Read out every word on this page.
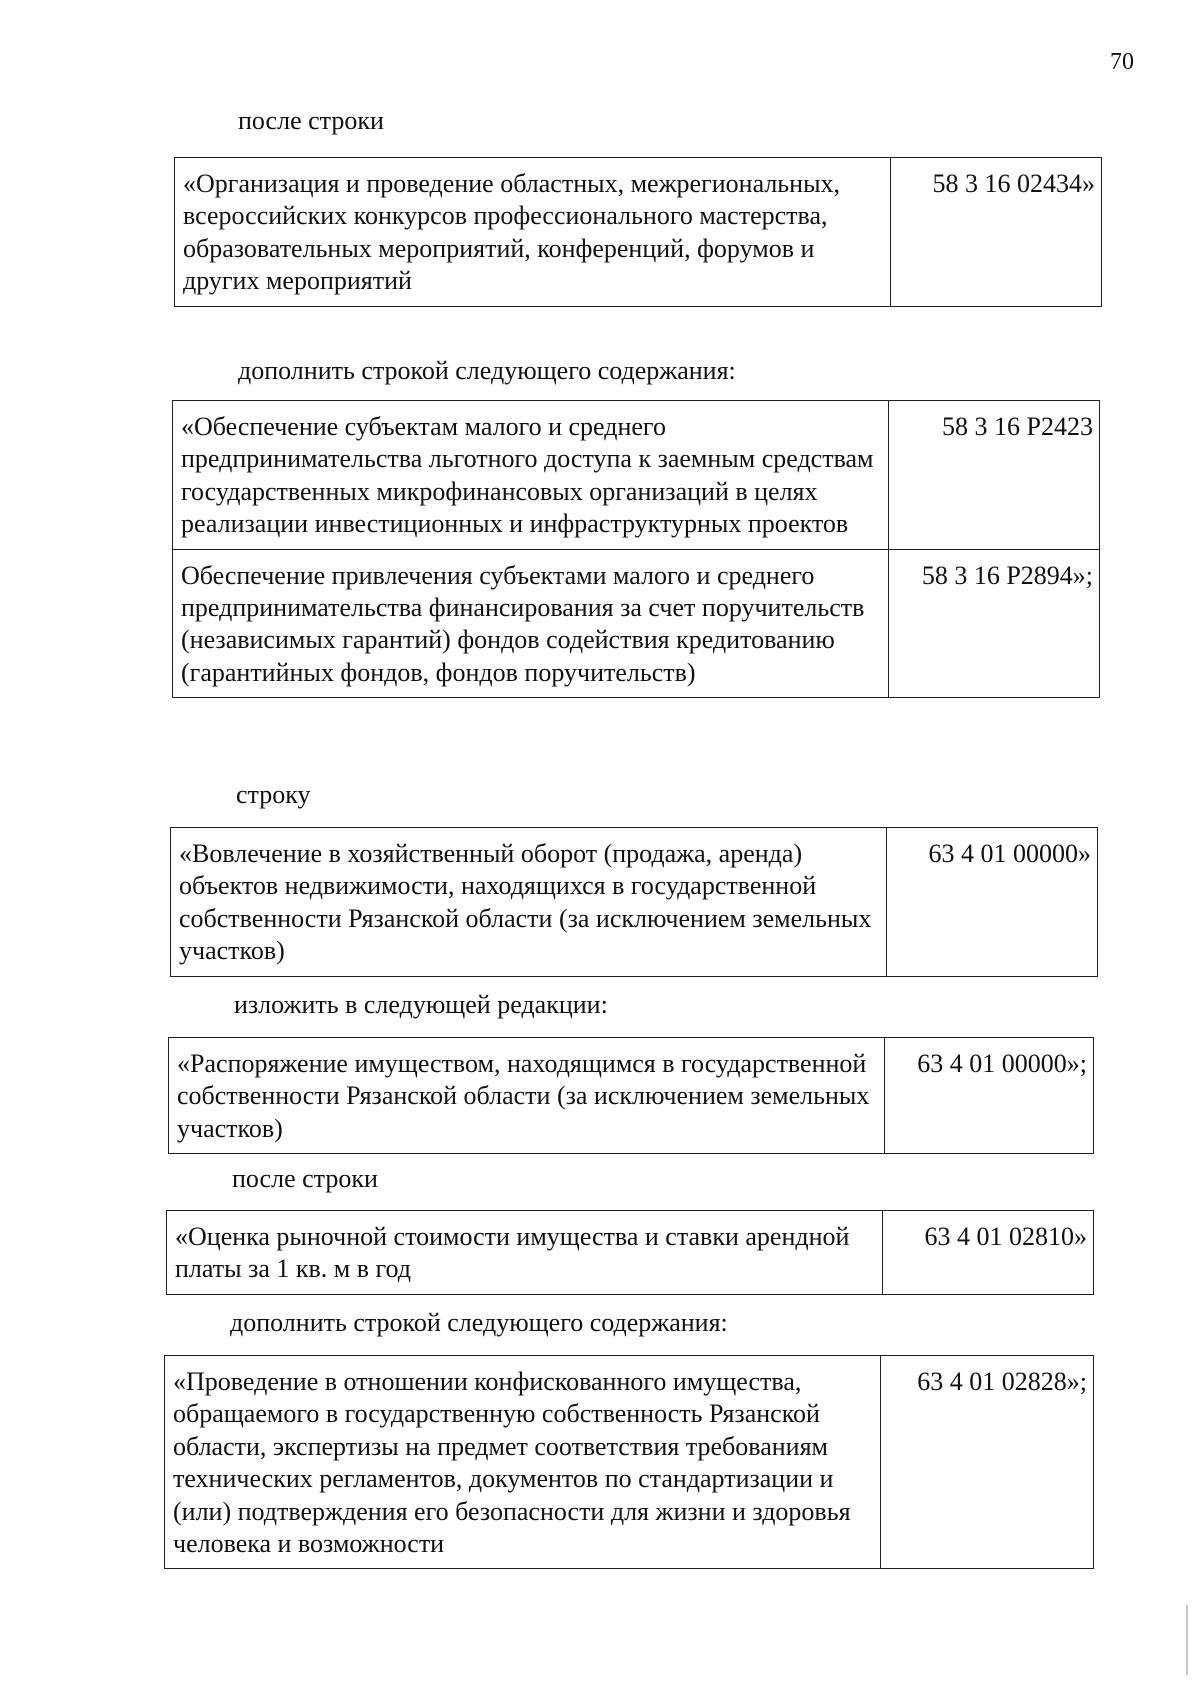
70
после строки
«Организация и проведение областных, межрегиональных, всероссийских конкурсов профессионального мастерства, образовательных мероприятий, конференций, форумов и других мероприятий	58 3 16 02434»
дополнить строкой следующего содержания:
«Обеспечение субъектам малого и среднего предпринимательства льготного доступа к заемным средствам государственных микрофинансовых организаций в целях реализации инвестиционных и инфраструктурных проектов	58 3 16 P2423
Обеспечение привлечения субъектами малого и среднего предпринимательства финансирования за счет поручительств (независимых гарантий) фондов содействия кредитованию (гарантийных фондов, фондов поручительств)	58 3 16 P2894»;
строку
«Вовлечение в хозяйственный оборот (продажа, аренда) объектов недвижимости, находящихся в государственной собственности Рязанской области (за исключением земельных участков)	63 4 01 00000»
изложить в следующей редакции:
«Распоряжение имуществом, находящимся в государственной собственности Рязанской области (за исключением земельных участков)	63 4 01 00000»;
после строки
«Оценка рыночной стоимости имущества и ставки арендной платы за 1 кв. м в год	63 4 01 02810»
дополнить строкой следующего содержания:
«Проведение в отношении конфискованного имущества, обращаемого в государственную собственность Рязанской области, экспертизы на предмет соответствия требованиям технических регламентов, документов по стандартизации и (или) подтверждения его безопасности для жизни и здоровья человека и возможности	63 4 01 02828»;
